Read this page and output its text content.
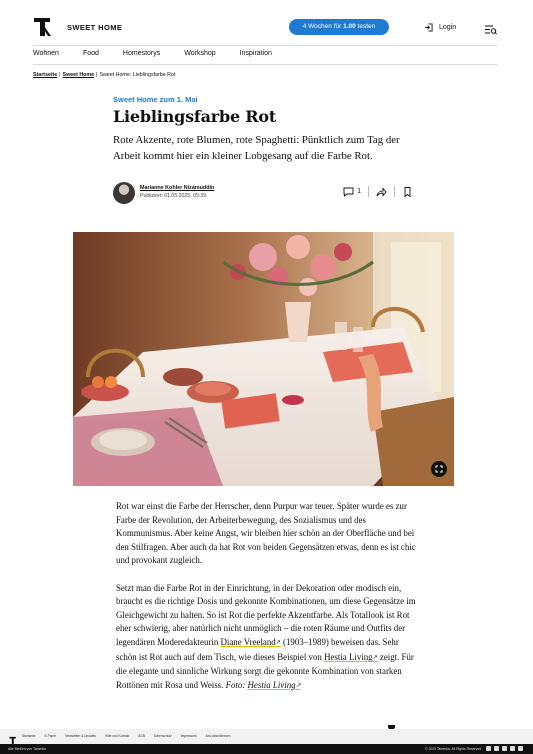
SWEET HOME	4 Wochen für 1.00 testen	Login
Wohnen	Food	Homestorys	Workshop	Inspiration
Startseite | Sweet Home | Sweet Home: Lieblingsfarbe Rot
Sweet Home zum 1. Mai
Lieblingsfarbe Rot

Rote Akzente, rote Blumen, rote Spaghetti: Pünktlich zum Tag der Arbeit kommt hier ein kleiner Lobgesang auf die Farbe Rot.

Marianne Kohler Nizamuddin
Publiziert: 01.05.2025, 05:39
1

Rot war einst die Farbe der Herrscher, denn Purpur war teuer. Später wurde es zur Farbe der Revolution, der Arbeiterbewegung, des Sozialismus und des Kommunismus. Aber keine Angst, wir bleiben hier schön an der Oberfläche und bei den Stilfragen. Aber auch da hat Rot von beiden Gegensätzen etwas, denn es ist chic und provokant zugleich.

Setzt man die Farbe Rot in der Einrichtung, in der Dekoration oder modisch ein, braucht es die richtige Dosis und gekonnte Kombinationen, um diese Gegensätze im Gleichgewicht zu halten. So ist Rot die perfekte Akzentfarbe. Als Totallook ist Rot eher schwierig, aber natürlich nicht unmöglich – die roten Räume und Outfits der legendären Moderedakteurin Diane Vreeland↗ (1903–1989) beweisen das. Sehr schön ist Rot auch auf dem Tisch, wie dieses Beispiel von Hestia Living↗ zeigt. Für die elegante und sinnliche Wirkung sorgt die gekonnte Kombination von starken Rottönen mit Rosa und Weiss. Foto: Hestia Living↗

Startseite	E-Paper	Newsletter & Updates	Hilfe und Kontakt	AGB	Datenschutz	Impressum	Abo abschliessen
Alle Medien von Tamedia	© 2025 Tamedia. All Rights Reserved
